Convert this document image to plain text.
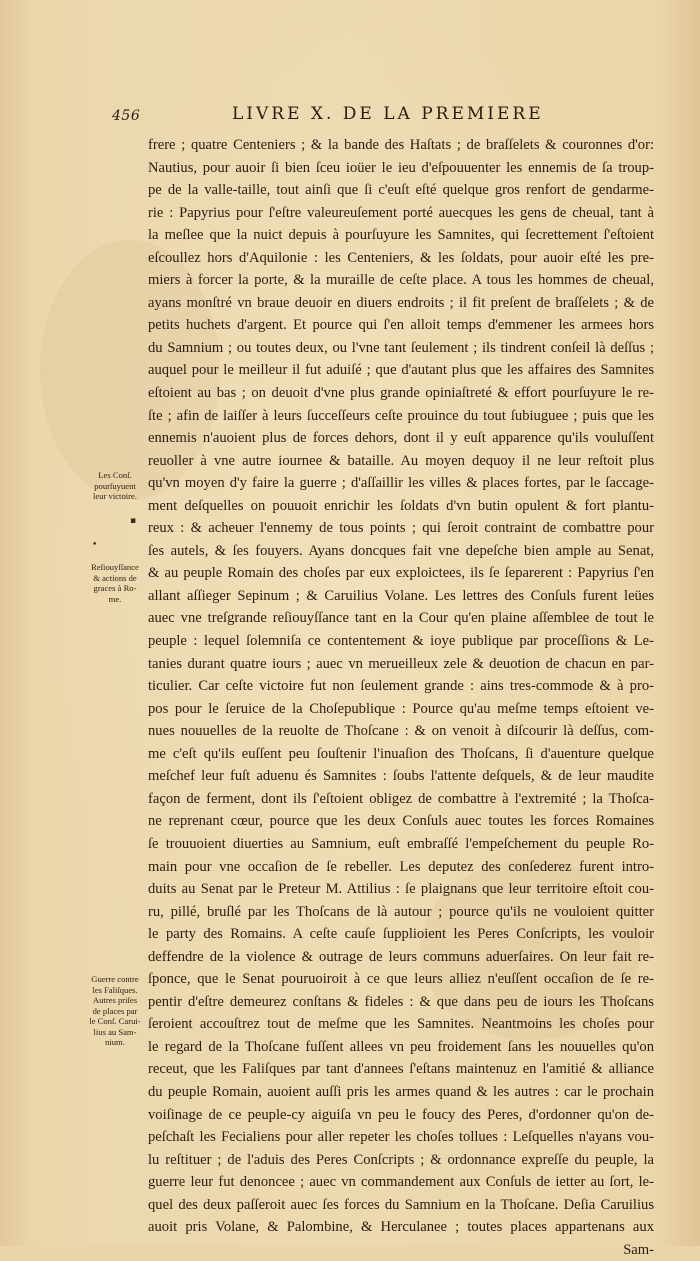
456	LIVRE X. DE LA PREMIERE
frere ; quatre Centeniers ; & la bande des Haſtats ; de braſſelets & couronnes d'or:
Nautius, pour auoir ſi bien ſceu ioüer le ieu d'eſpouuenter les ennemis de ſa troup-
pe de la valle-taille, tout ainſi que ſi c'euſt eſté quelque gros renfort de gendarme-
rie : Papyrius pour ſ'eſtre valeureuſement porté auecques les gens de cheual, tant à
la meſlee que la nuict depuis à pourſuyure les Samnites, qui ſecrettement ſ'eſtoient
eſcoullez hors d'Aquilonie : les Centeniers, & les ſoldats, pour auoir eſté les pre-
miers à forcer la porte, & la muraille de ceſte place. A tous les hommes de cheual,
ayans monſtré vn braue deuoir en diuers endroits ; il fit preſent de braſſelets ; & de
petits huchets d'argent. Et pource qui ſ'en alloit temps d'emmener les armees hors
du Samnium ; ou toutes deux, ou l'vne tant ſeulement ; ils tindrent conſeil là deſſus ;
auquel pour le meilleur il fut aduiſé ; que d'autant plus que les affaires des Samnites
eſtoient au bas ; on deuoit d'vne plus grande opiniaſtreté & effort pourſuyure le re-
ſte ; afin de laiſſer à leurs ſucceſſeurs ceſte prouince du tout ſubiuguee ; puis que les
ennemis n'auoient plus de forces dehors, dont il y euſt apparence qu'ils vouluſſent
reuoller à vne autre iournee & bataille. Au moyen dequoy il ne leur reſtoit plus
qu'vn moyen d'y faire la guerre ; d'aſſaillir les villes & places fortes, par le ſaccage-
ment deſquelles on pouuoit enrichir les ſoldats d'vn butin opulent & fort plantu-
reux : & acheuer l'ennemy de tous points ; qui ſeroit contraint de combattre pour
ſes autels, & ſes fouyers. Ayans doncques fait vne depeſche bien ample au Senat,
& au peuple Romain des choſes par eux exploictees, ils ſe ſeparerent : Papyrius ſ'en
allant aſſieger Sepinum ; & Caruilius Volane. Les lettres des Conſuls furent leües
auec vne treſgrande reſiouyſſance tant en la Cour qu'en plaine aſſemblee de tout le
peuple : lequel ſolemniſa ce contentement & ioye publique par proceſſions & Le-
tanies durant quatre iours ; auec vn merueilleux zele & deuotion de chacun en par-
ticulier. Car ceſte victoire fut non ſeulement grande : ains tres-commode & à pro-
pos pour le ſeruice de la Choſepublique : Pource qu'au meſme temps eſtoient ve-
nues nouuelles de la reuolte de Thoſcane : & on venoit à diſcourir là deſſus, com-
me c'eſt qu'ils euſſent peu ſouſtenir l'inuaſion des Thoſcans, ſi d'auenture quelque
meſchef leur fuſt aduenu és Samnites : ſoubs l'attente deſquels, & de leur maudite
façon de ferment, dont ils ſ'eſtoient obligez de combattre à l'extremité ; la Thoſca-
ne reprenant cœur, pource que les deux Conſuls auec toutes les forces Romaines
ſe trouuoient diuerties au Samnium, euſt embraſſé l'empeſchement du peuple Ro-
main pour vne occaſion de ſe rebeller. Les deputez des conſederez furent intro-
duits au Senat par le Preteur M. Attilius : ſe plaignans que leur territoire eſtoit cou-
ru, pillé, bruſlé par les Thoſcans de là autour ; pource qu'ils ne vouloient quitter
le party des Romains. A ceſte cauſe ſupplioient les Peres Conſcripts, les vouloir
deffendre de la violence & outrage de leurs communs aduerſaires. On leur fait re-
ſponce, que le Senat pouruoiroit à ce que leurs alliez n'euſſent occaſion de ſe re-
pentir d'eſtre demeurez conſtans & fideles : & que dans peu de iours les Thoſcans
ſeroient accouſtrez tout de meſme que les Samnites. Neantmoins les choſes pour
le regard de la Thoſcane fuſſent allees vn peu froidement ſans les nouuelles qu'on
receut, que les Faliſques par tant d'annees ſ'eſtans maintenuz en l'amitié & alliance
du peuple Romain, auoient auſſi pris les armes quand & les autres : car le prochain
voiſinage de ce peuple-cy aiguiſa vn peu le foucy des Peres, d'ordonner qu'on de-
peſchaſt les Fecialiens pour aller repeter les choſes tollues : Leſquelles n'ayans vou-
lu reſtituer ; de l'aduis des Peres Conſcripts ; & ordonnance expreſſe du peuple, la
guerre leur fut denoncee ; auec vn commandement aux Conſuls de ietter au ſort, le-
quel des deux paſſeroit auec ſes forces du Samnium en la Thoſcane. Deſia Caruilius
auoit pris Volane, & Palombine, & Herculanee ; toutes places appartenans aux
Sam-
Les Conſ.
pourſuyuent
leur victoire.
▪
•
Reſiouyſſance
& actions de
graces à Ro-
me.
Guerre contre
les Faliſques.
Autres priſes
de places par
le Conſ. Carui-
lius au Sam-
nium.
